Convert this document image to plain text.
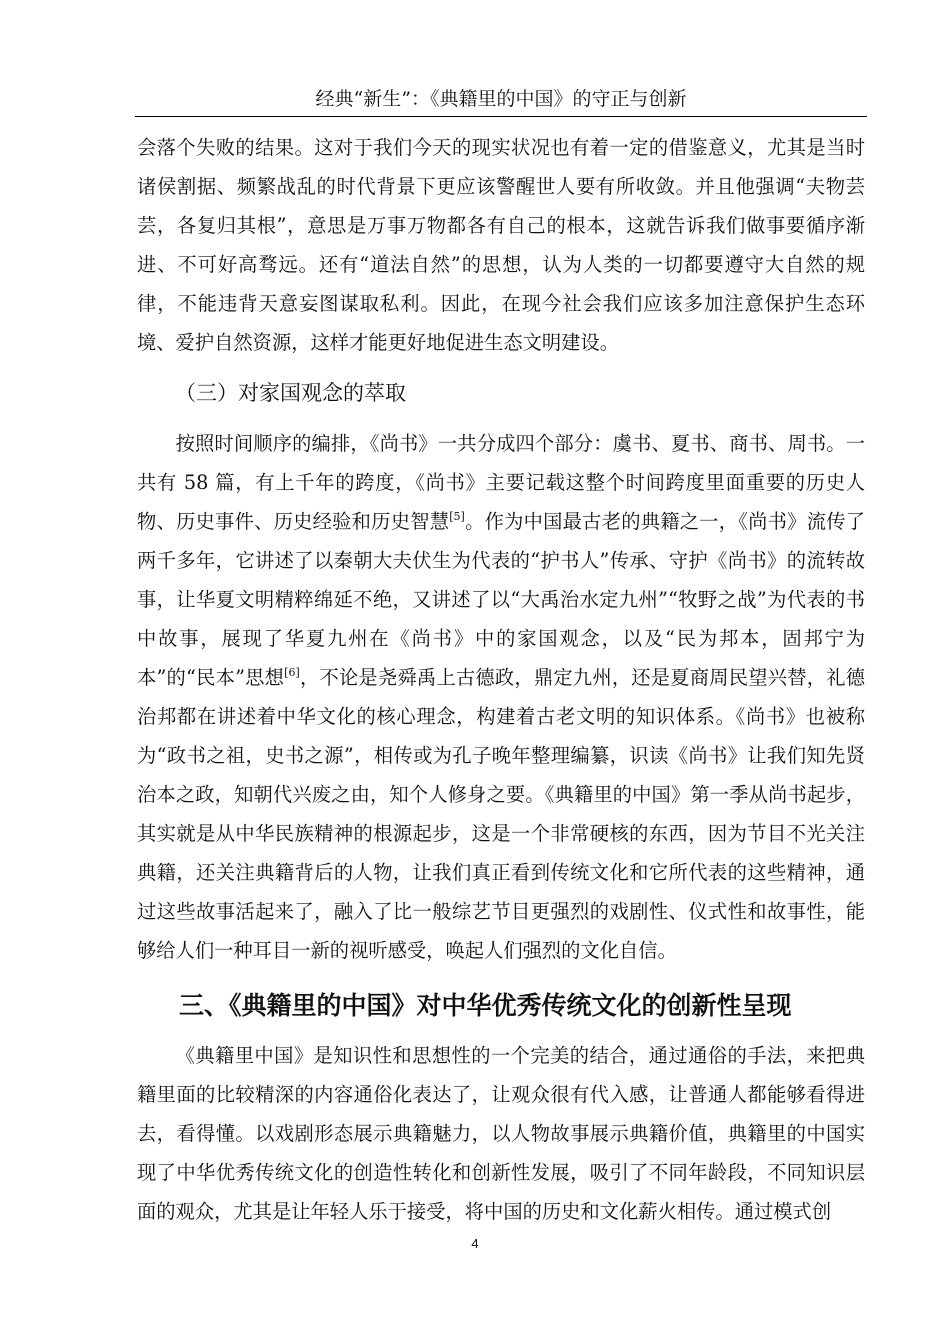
经典“新生”：《典籍里的中国》的守正与创新

会落个失败的结果。这对于我们今天的现实状况也有着一定的借鉴意义，尤其是当时诸侯割据、频繁战乱的时代背景下更应该警醒世人要有所收敛。并且他强调“夫物芸芸，各复归其根”，意思是万事万物都各有自己的根本，这就告诉我们做事要循序渐进、不可好高骛远。还有“道法自然”的思想，认为人类的一切都要遵守大自然的规律，不能违背天意妄图谋取私利。因此，在现今社会我们应该多加注意保护生态环境、爱护自然资源，这样才能更好地促进生态文明建设。

（三）对家国观念的萃取

按照时间顺序的编排，《尚书》一共分成四个部分：虞书、夏书、商书、周书。一共有 58 篇，有上千年的跨度，《尚书》主要记载这整个时间跨度里面重要的历史人物、历史事件、历史经验和历史智慧[5]。作为中国最古老的典籍之一，《尚书》流传了两千多年，它讲述了以秦朝大夫伏生为代表的“护书人”传承、守护《尚书》的流转故事，让华夏文明精粹绵延不绝，又讲述了以“大禹治水定九州”“牧野之战”为代表的书中故事，展现了华夏九州在《尚书》中的家国观念，以及“民为邦本，固邦宁为本”的“民本”思想[6]，不论是尧舜禹上古德政，鼎定九州，还是夏商周民望兴替，礼德治邦都在讲述着中华文化的核心理念，构建着古老文明的知识体系。《尚书》也被称为“政书之祖，史书之源”，相传或为孔子晚年整理编纂，识读《尚书》让我们知先贤治本之政，知朝代兴废之由，知个人修身之要。《典籍里的中国》第一季从尚书起步，其实就是从中华民族精神的根源起步，这是一个非常硬核的东西，因为节目不光关注典籍，还关注典籍背后的人物，让我们真正看到传统文化和它所代表的这些精神，通过这些故事活起来了，融入了比一般综艺节目更强烈的戏剧性、仪式性和故事性，能够给人们一种耳目一新的视听感受，唤起人们强烈的文化自信。

三、《典籍里的中国》对中华优秀传统文化的创新性呈现

《典籍里中国》是知识性和思想性的一个完美的结合，通过通俗的手法，来把典籍里面的比较精深的内容通俗化表达了，让观众很有代入感，让普通人都能够看得进去，看得懂。以戏剧形态展示典籍魅力，以人物故事展示典籍价值，典籍里的中国实现了中华优秀传统文化的创造性转化和创新性发展，吸引了不同年龄段，不同知识层面的观众，尤其是让年轻人乐于接受，将中国的历史和文化薪火相传。通过模式创

4
